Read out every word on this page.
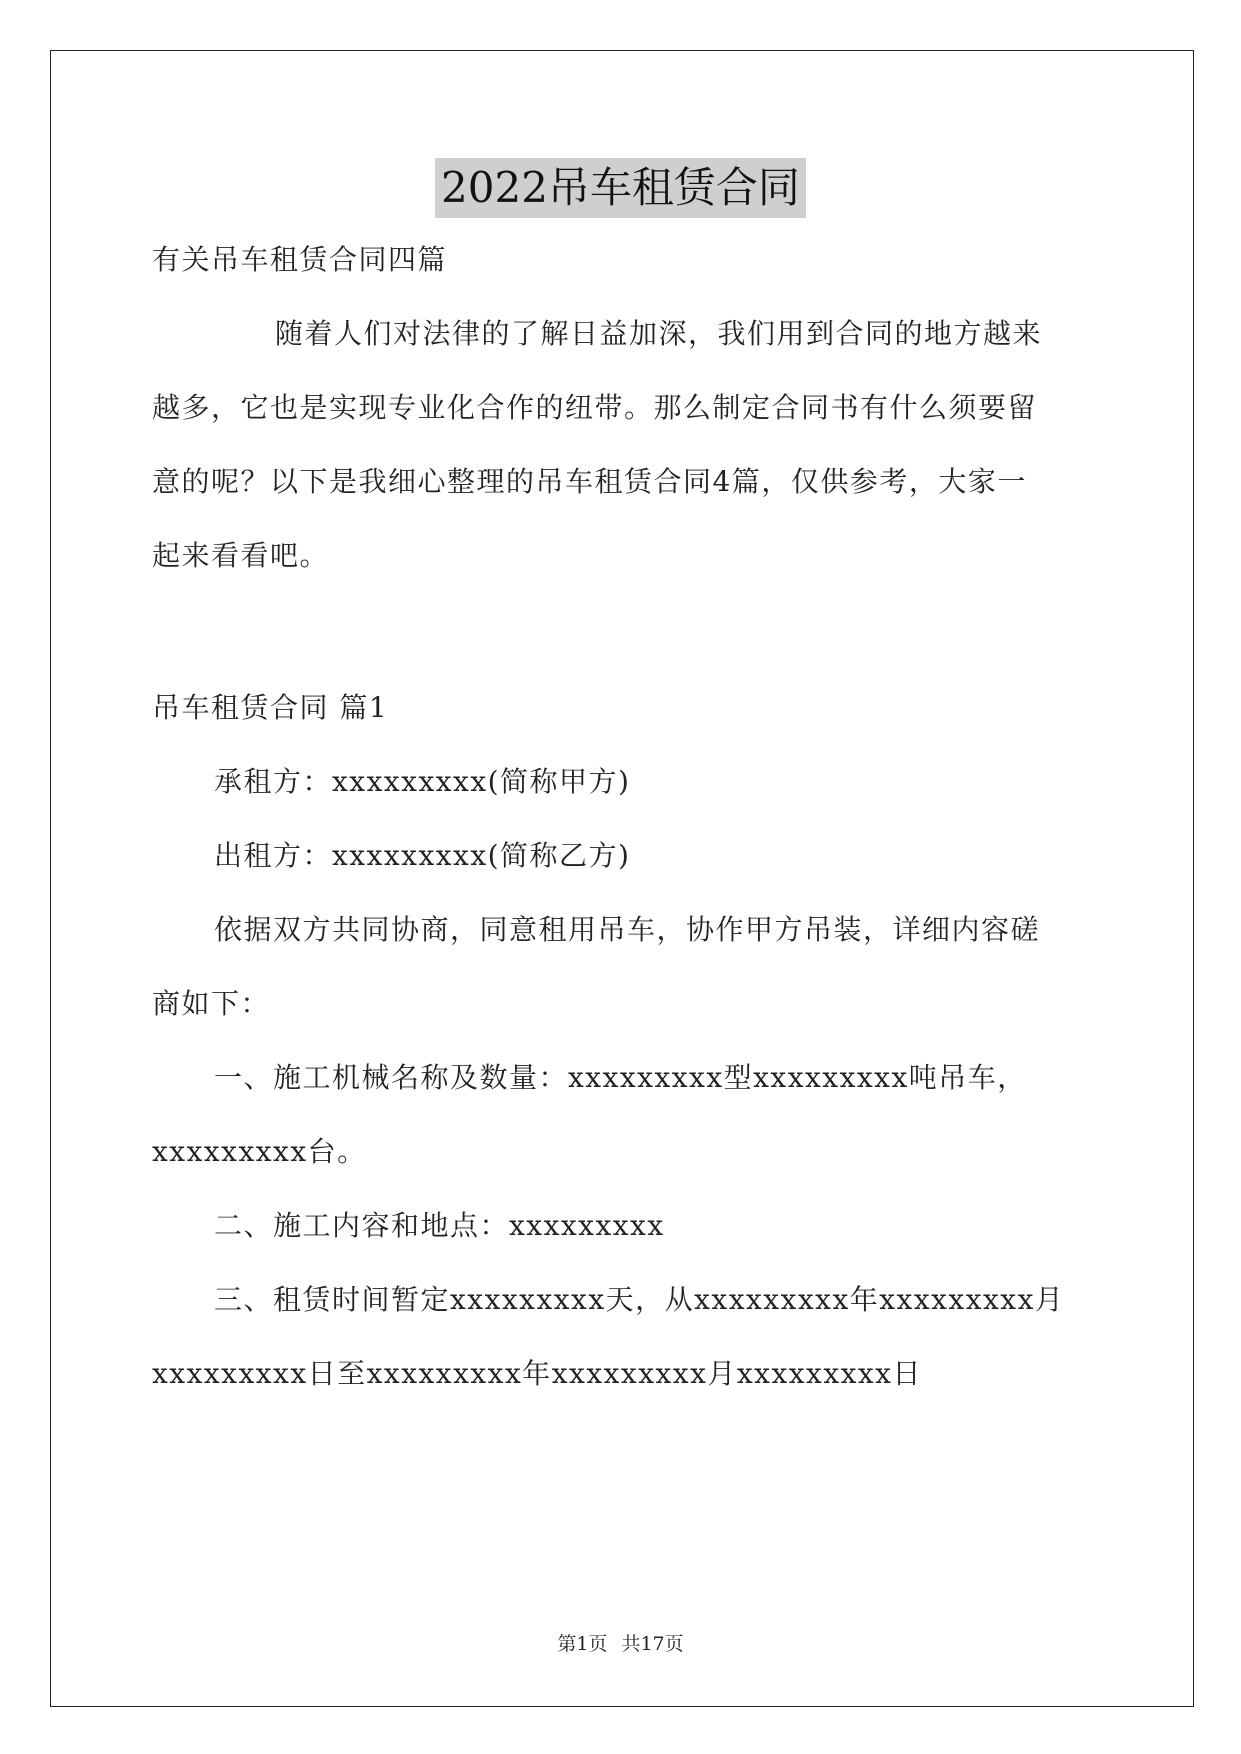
2022吊车租赁合同
有关吊车租赁合同四篇
随着人们对法律的了解日益加深，我们用到合同的地方越来
越多，它也是实现专业化合作的纽带。那么制定合同书有什么须要留
意的呢？以下是我细心整理的吊车租赁合同4篇，仅供参考，大家一
起来看看吧。
吊车租赁合同 篇1
承租方：xxxxxxxxx(简称甲方)
出租方：xxxxxxxxx(简称乙方)
依据双方共同协商，同意租用吊车，协作甲方吊装，详细内容磋
商如下：
一、施工机械名称及数量：xxxxxxxxx型xxxxxxxxx吨吊车，
xxxxxxxxx台。
二、施工内容和地点：xxxxxxxxx
三、租赁时间暂定xxxxxxxxx天，从xxxxxxxxx年xxxxxxxxx月
xxxxxxxxx日至xxxxxxxxx年xxxxxxxxx月xxxxxxxxx日
第1页 共17页
